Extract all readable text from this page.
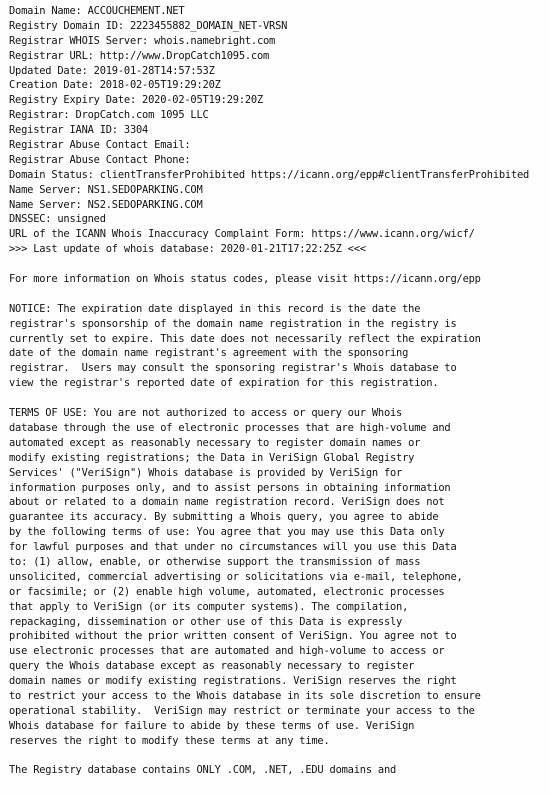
Domain Name: ACCOUCHEMENT.NET
Registry Domain ID: 2223455882_DOMAIN_NET-VRSN
Registrar WHOIS Server: whois.namebright.com
Registrar URL: http://www.DropCatch1095.com
Updated Date: 2019-01-28T14:57:53Z
Creation Date: 2018-02-05T19:29:20Z
Registry Expiry Date: 2020-02-05T19:29:20Z
Registrar: DropCatch.com 1095 LLC
Registrar IANA ID: 3304
Registrar Abuse Contact Email:
Registrar Abuse Contact Phone:
Domain Status: clientTransferProhibited https://icann.org/epp#clientTransferProhibited
Name Server: NS1.SEDOPARKING.COM
Name Server: NS2.SEDOPARKING.COM
DNSSEC: unsigned
URL of the ICANN Whois Inaccuracy Complaint Form: https://www.icann.org/wicf/
>>> Last update of whois database: 2020-01-21T17:22:25Z <<<
For more information on Whois status codes, please visit https://icann.org/epp
NOTICE: The expiration date displayed in this record is the date the
registrar's sponsorship of the domain name registration in the registry is
currently set to expire. This date does not necessarily reflect the expiration
date of the domain name registrant's agreement with the sponsoring
registrar.  Users may consult the sponsoring registrar's Whois database to
view the registrar's reported date of expiration for this registration.
TERMS OF USE: You are not authorized to access or query our Whois
database through the use of electronic processes that are high-volume and
automated except as reasonably necessary to register domain names or
modify existing registrations; the Data in VeriSign Global Registry
Services' ("VeriSign") Whois database is provided by VeriSign for
information purposes only, and to assist persons in obtaining information
about or related to a domain name registration record. VeriSign does not
guarantee its accuracy. By submitting a Whois query, you agree to abide
by the following terms of use: You agree that you may use this Data only
for lawful purposes and that under no circumstances will you use this Data
to: (1) allow, enable, or otherwise support the transmission of mass
unsolicited, commercial advertising or solicitations via e-mail, telephone,
or facsimile; or (2) enable high volume, automated, electronic processes
that apply to VeriSign (or its computer systems). The compilation,
repackaging, dissemination or other use of this Data is expressly
prohibited without the prior written consent of VeriSign. You agree not to
use electronic processes that are automated and high-volume to access or
query the Whois database except as reasonably necessary to register
domain names or modify existing registrations. VeriSign reserves the right
to restrict your access to the Whois database in its sole discretion to ensure
operational stability.  VeriSign may restrict or terminate your access to the
Whois database for failure to abide by these terms of use. VeriSign
reserves the right to modify these terms at any time.
The Registry database contains ONLY .COM, .NET, .EDU domains and
